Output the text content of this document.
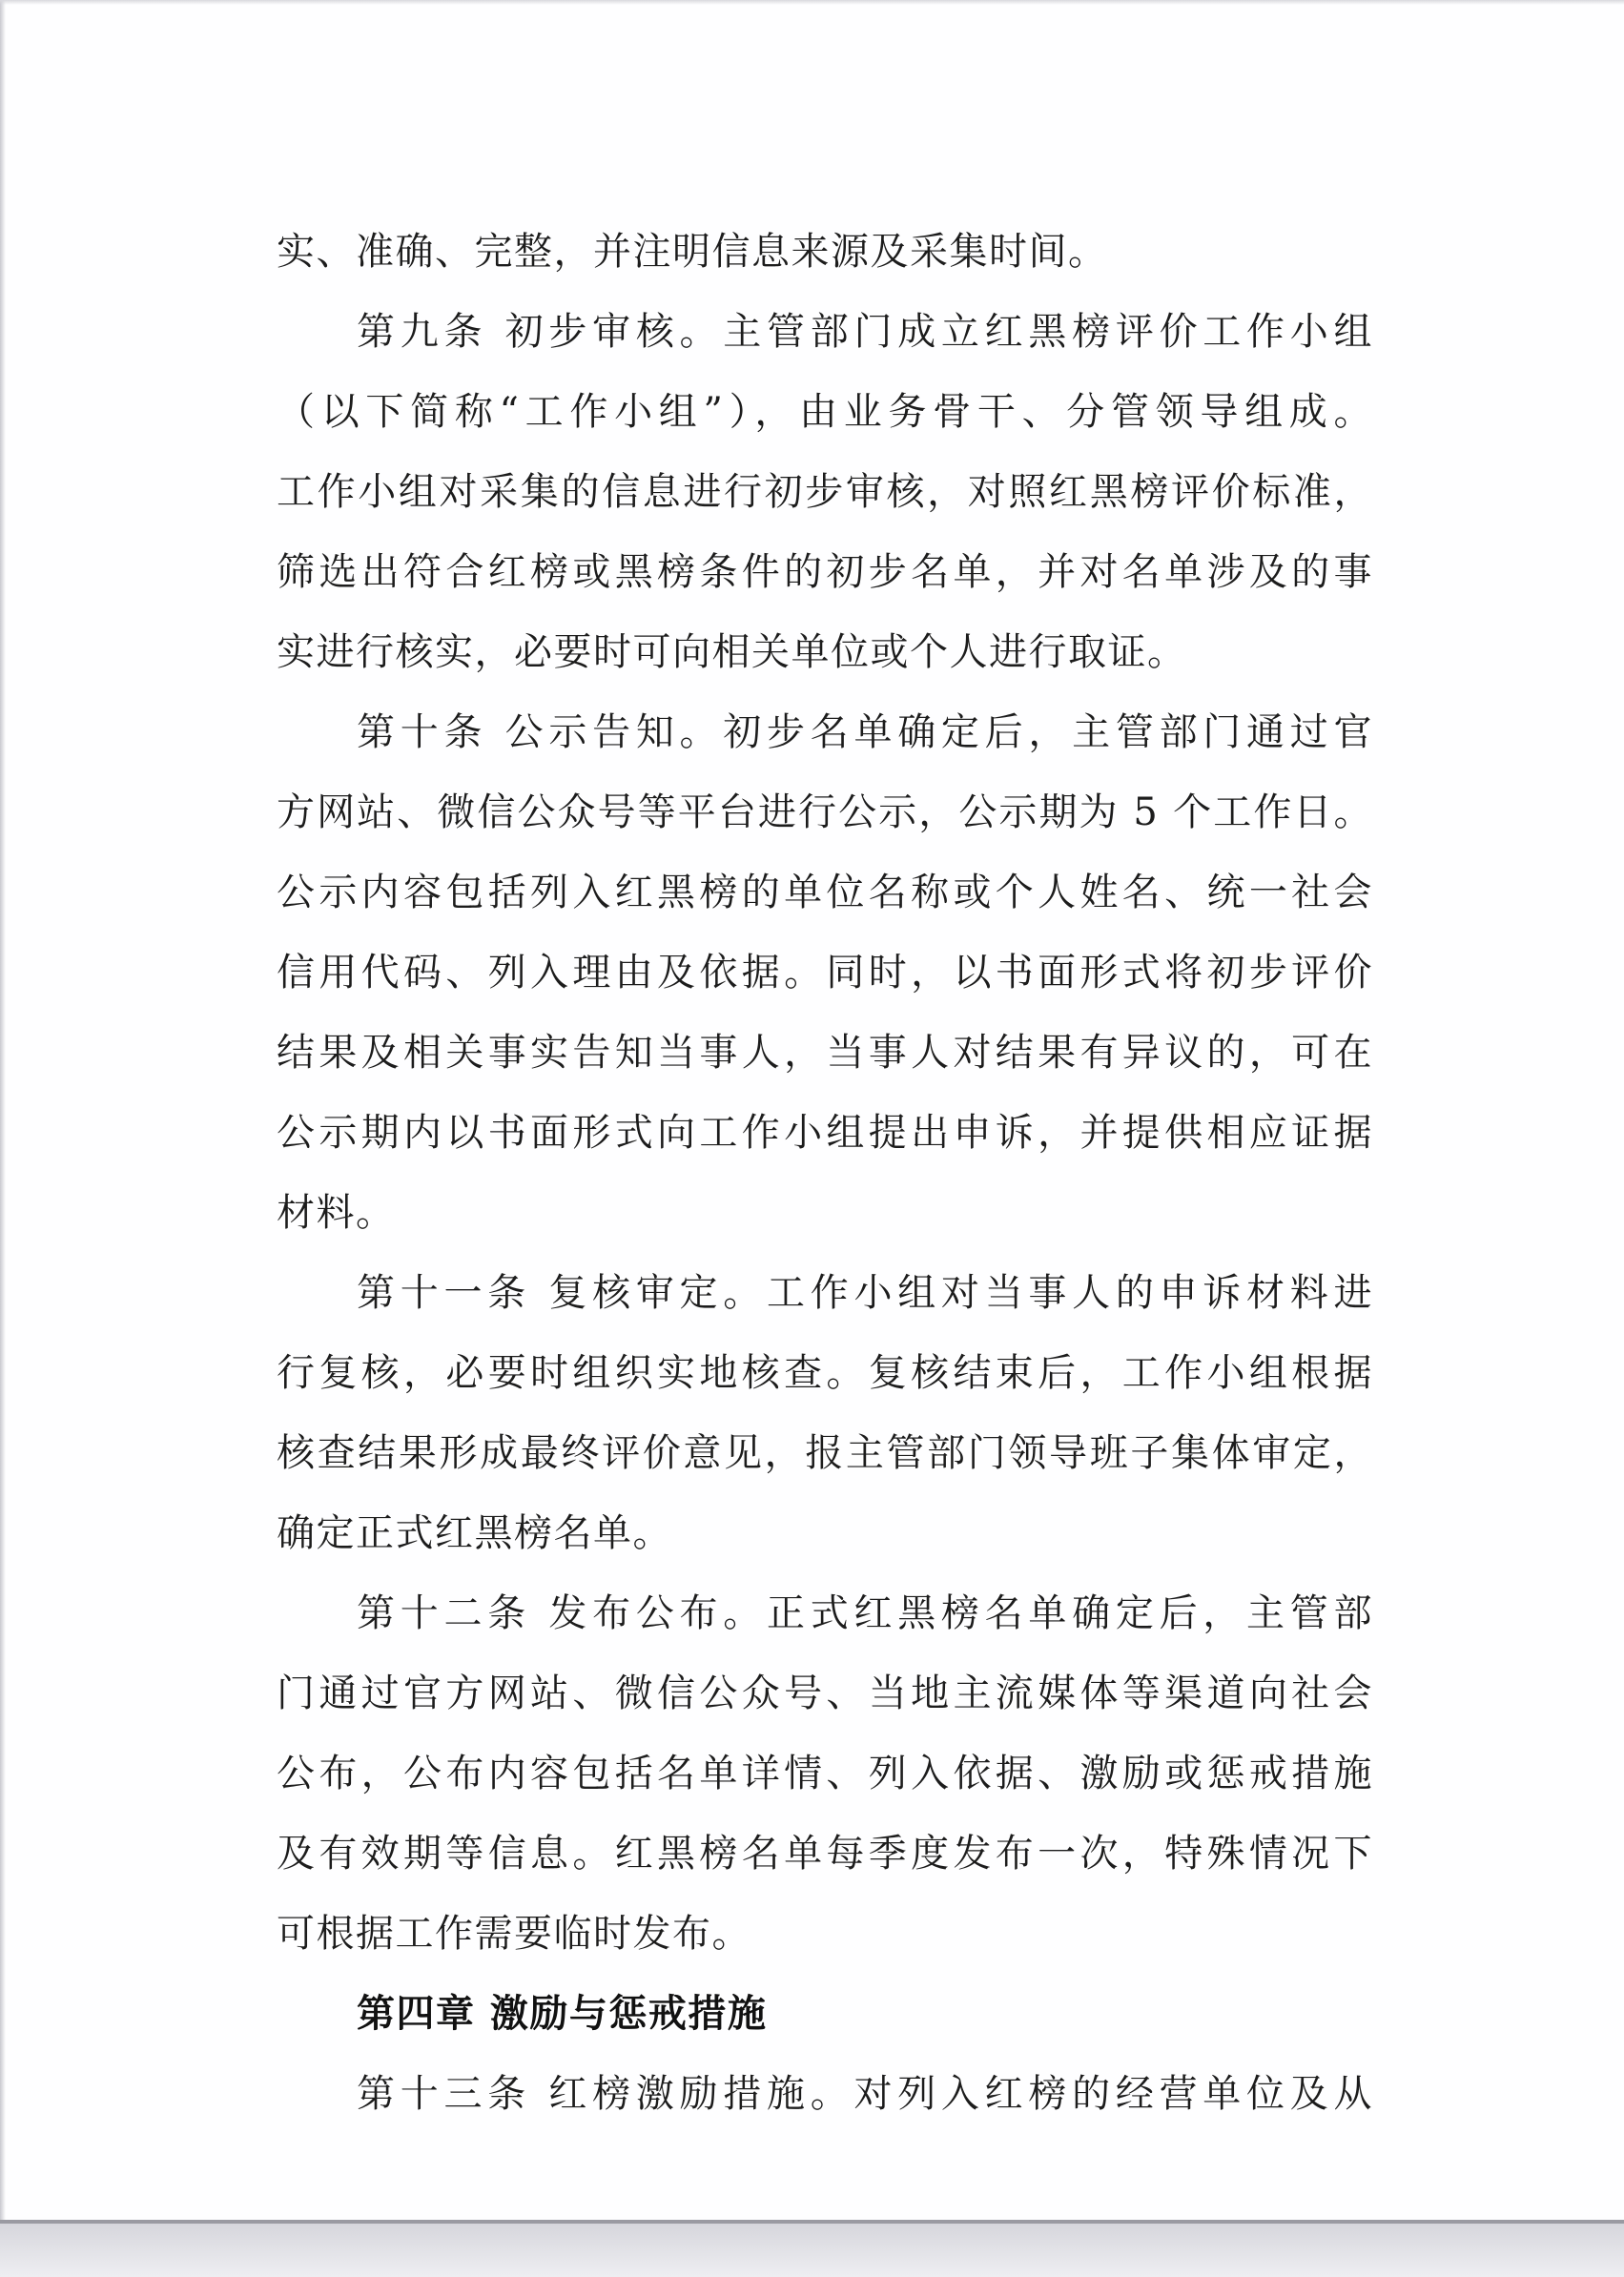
实、准确、完整，并注明信息来源及采集时间。
第九条 初步审核。主管部门成立红黑榜评价工作小组
（以下简称“工作小组”），由业务骨干、分管领导组成。
工作小组对采集的信息进行初步审核，对照红黑榜评价标准，
筛选出符合红榜或黑榜条件的初步名单，并对名单涉及的事
实进行核实，必要时可向相关单位或个人进行取证。
第十条 公示告知。初步名单确定后，主管部门通过官
方网站、微信公众号等平台进行公示，公示期为 5 个工作日。
公示内容包括列入红黑榜的单位名称或个人姓名、统一社会
信用代码、列入理由及依据。同时，以书面形式将初步评价
结果及相关事实告知当事人，当事人对结果有异议的，可在
公示期内以书面形式向工作小组提出申诉，并提供相应证据
材料。
第十一条 复核审定。工作小组对当事人的申诉材料进
行复核，必要时组织实地核查。复核结束后，工作小组根据
核查结果形成最终评价意见，报主管部门领导班子集体审定，
确定正式红黑榜名单。
第十二条 发布公布。正式红黑榜名单确定后，主管部
门通过官方网站、微信公众号、当地主流媒体等渠道向社会
公布，公布内容包括名单详情、列入依据、激励或惩戒措施
及有效期等信息。红黑榜名单每季度发布一次，特殊情况下
可根据工作需要临时发布。
第四章 激励与惩戒措施
第十三条 红榜激励措施。对列入红榜的经营单位及从
